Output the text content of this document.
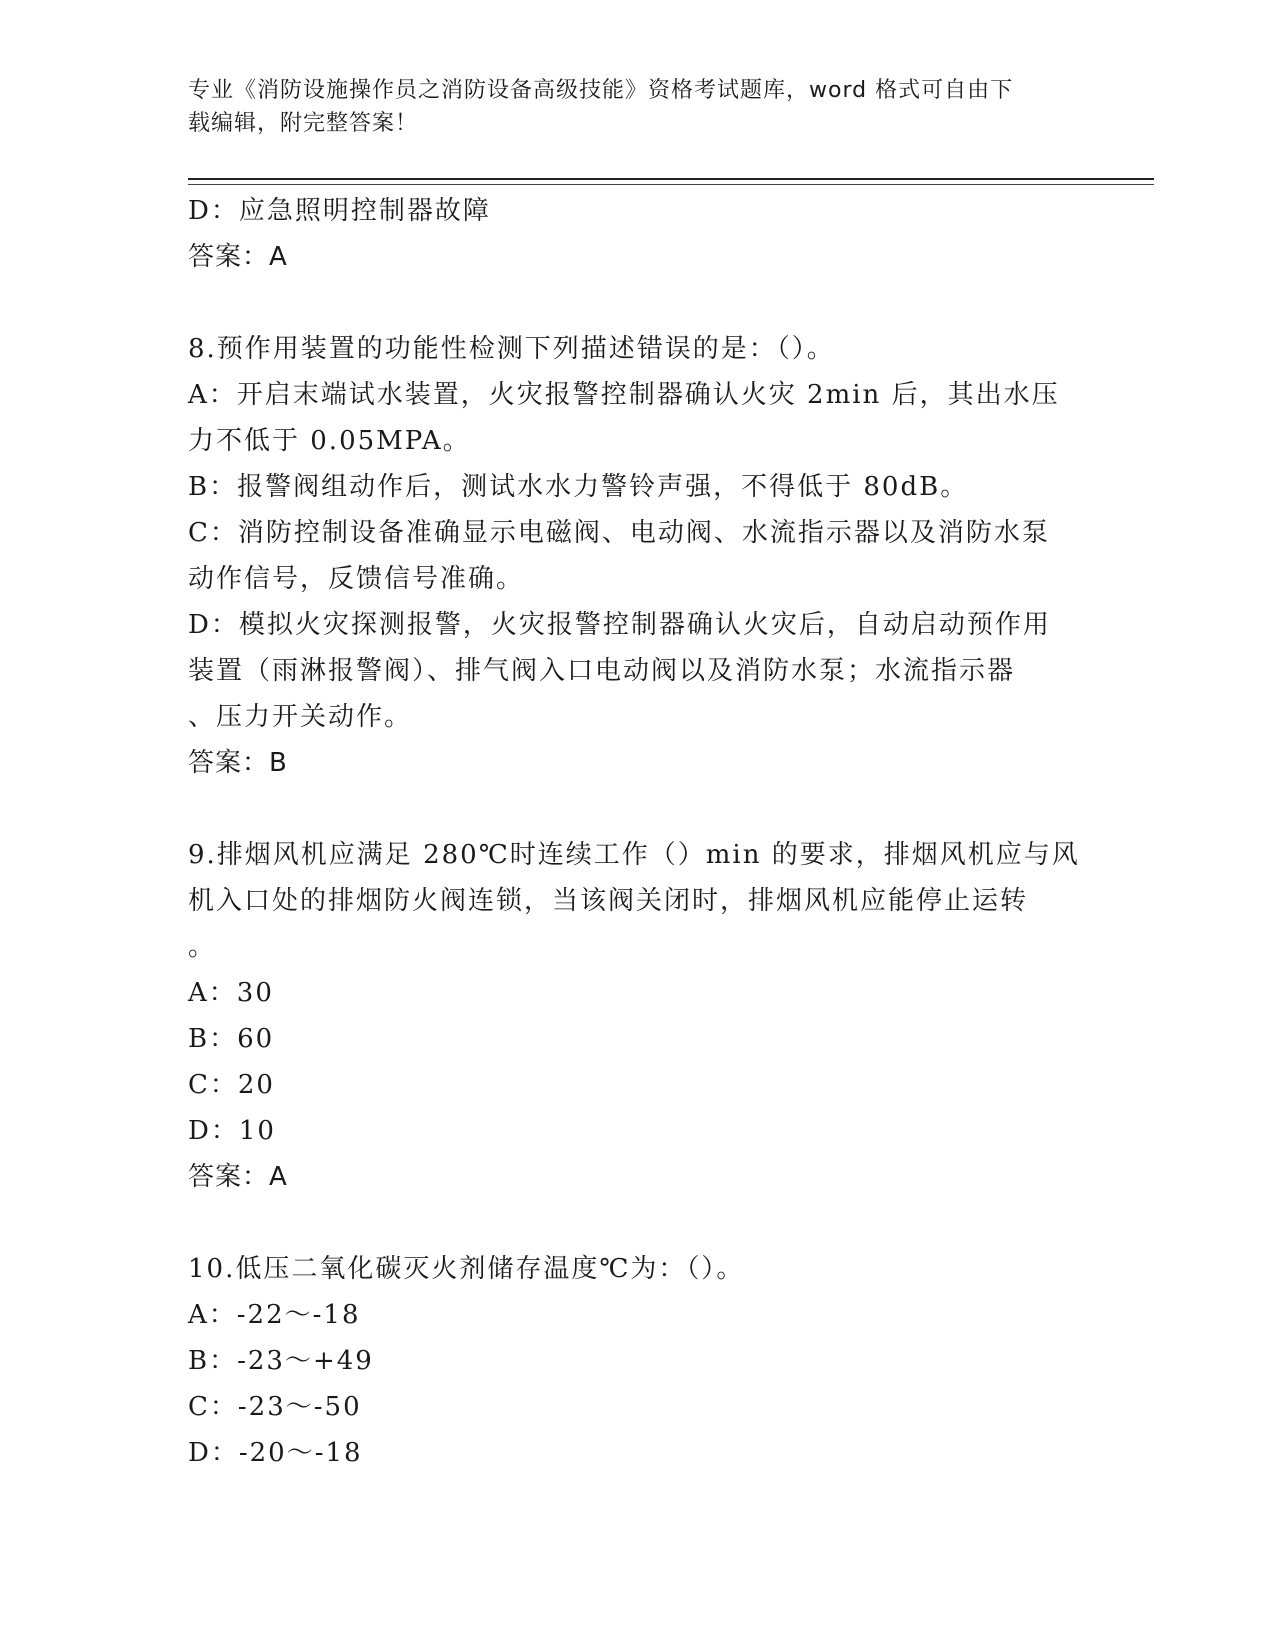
专业《消防设施操作员之消防设备高级技能》资格考试题库，word 格式可自由下
载编辑，附完整答案！
D：应急照明控制器故障
答案：A
8.预作用装置的功能性检测下列描述错误的是：（）。
A：开启末端试水装置，火灾报警控制器确认火灾 2min 后，其出水压
力不低于 0.05MPA。
B：报警阀组动作后，测试水水力警铃声强，不得低于 80dB。
C：消防控制设备准确显示电磁阀、电动阀、水流指示器以及消防水泵
动作信号，反馈信号准确。
D：模拟火灾探测报警，火灾报警控制器确认火灾后，自动启动预作用
装置（雨淋报警阀）、排气阀入口电动阀以及消防水泵；水流指示器
、压力开关动作。
答案：B
9.排烟风机应满足 280℃时连续工作（）min 的要求，排烟风机应与风
机入口处的排烟防火阀连锁，当该阀关闭时，排烟风机应能停止运转
。
A：30
B：60
C：20
D：10
答案：A
10.低压二氧化碳灭火剂储存温度℃为：（）。
A：-22～-18
B：-23～+49
C：-23～-50
D：-20～-18
